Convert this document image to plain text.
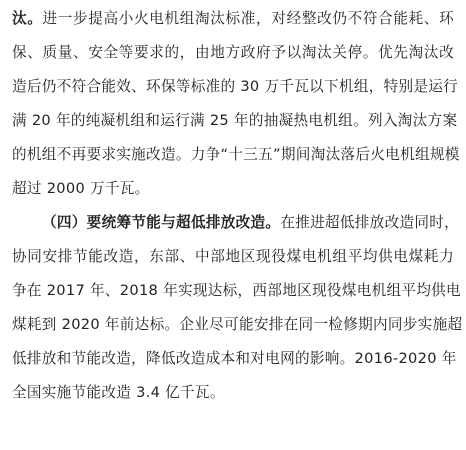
汰。进一步提高小火电机组淘汰标准，对经整改仍不符合能耗、环
保、质量、安全等要求的，由地方政府予以淘汰关停。优先淘汰改
造后仍不符合能效、环保等标准的 30 万千瓦以下机组，特别是运行
满 20 年的纯凝机组和运行满 25 年的抽凝热电机组。列入淘汰方案
的机组不再要求实施改造。力争“十三五”期间淘汰落后火电机组规模
超过 2000 万千瓦。
（四）要统筹节能与超低排放改造。在推进超低排放改造同时，
协同安排节能改造，东部、中部地区现役煤电机组平均供电煤耗力
争在 2017 年、2018 年实现达标，西部地区现役煤电机组平均供电
煤耗到 2020 年前达标。企业尽可能安排在同一检修期内同步实施超
低排放和节能改造，降低改造成本和对电网的影响。2016-2020 年
全国实施节能改造 3.4 亿千瓦。
